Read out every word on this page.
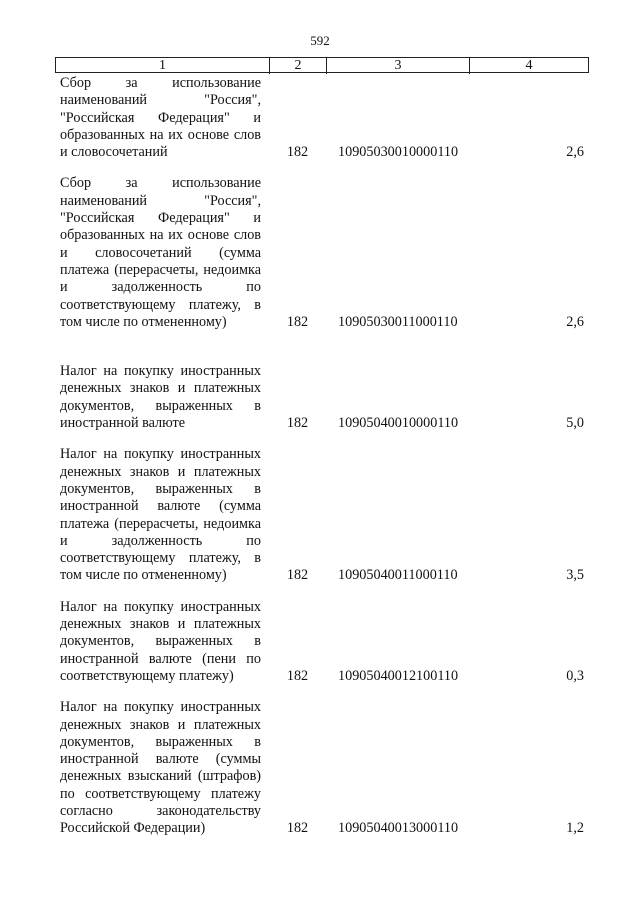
592
1	2	3	4
Сбор за использование наименований "Россия", "Российская Федерация" и образованных на их основе слов и словосочетаний	182	10905030010000110	2,6
Сбор за использование наименований "Россия", "Российская Федерация" и образованных на их основе слов и словосочетаний (сумма платежа (перерасчеты, недоимка и задолженность по соответствующему платежу, в том числе по отмененному)	182	10905030011000110	2,6
Налог на покупку иностранных денежных знаков и платежных документов, выраженных в иностранной валюте	182	10905040010000110	5,0
Налог на покупку иностранных денежных знаков и платежных документов, выраженных в иностранной валюте (сумма платежа (перерасчеты, недоимка и задолженность по соответствующему платежу, в том числе по отмененному)	182	10905040011000110	3,5
Налог на покупку иностранных денежных знаков и платежных документов, выраженных в иностранной валюте (пени по соответствующему платежу)	182	10905040012100110	0,3
Налог на покупку иностранных денежных знаков и платежных документов, выраженных в иностранной валюте (суммы денежных взысканий (штрафов) по соответствующему платежу согласно законодательству Российской Федерации)	182	10905040013000110	1,2
